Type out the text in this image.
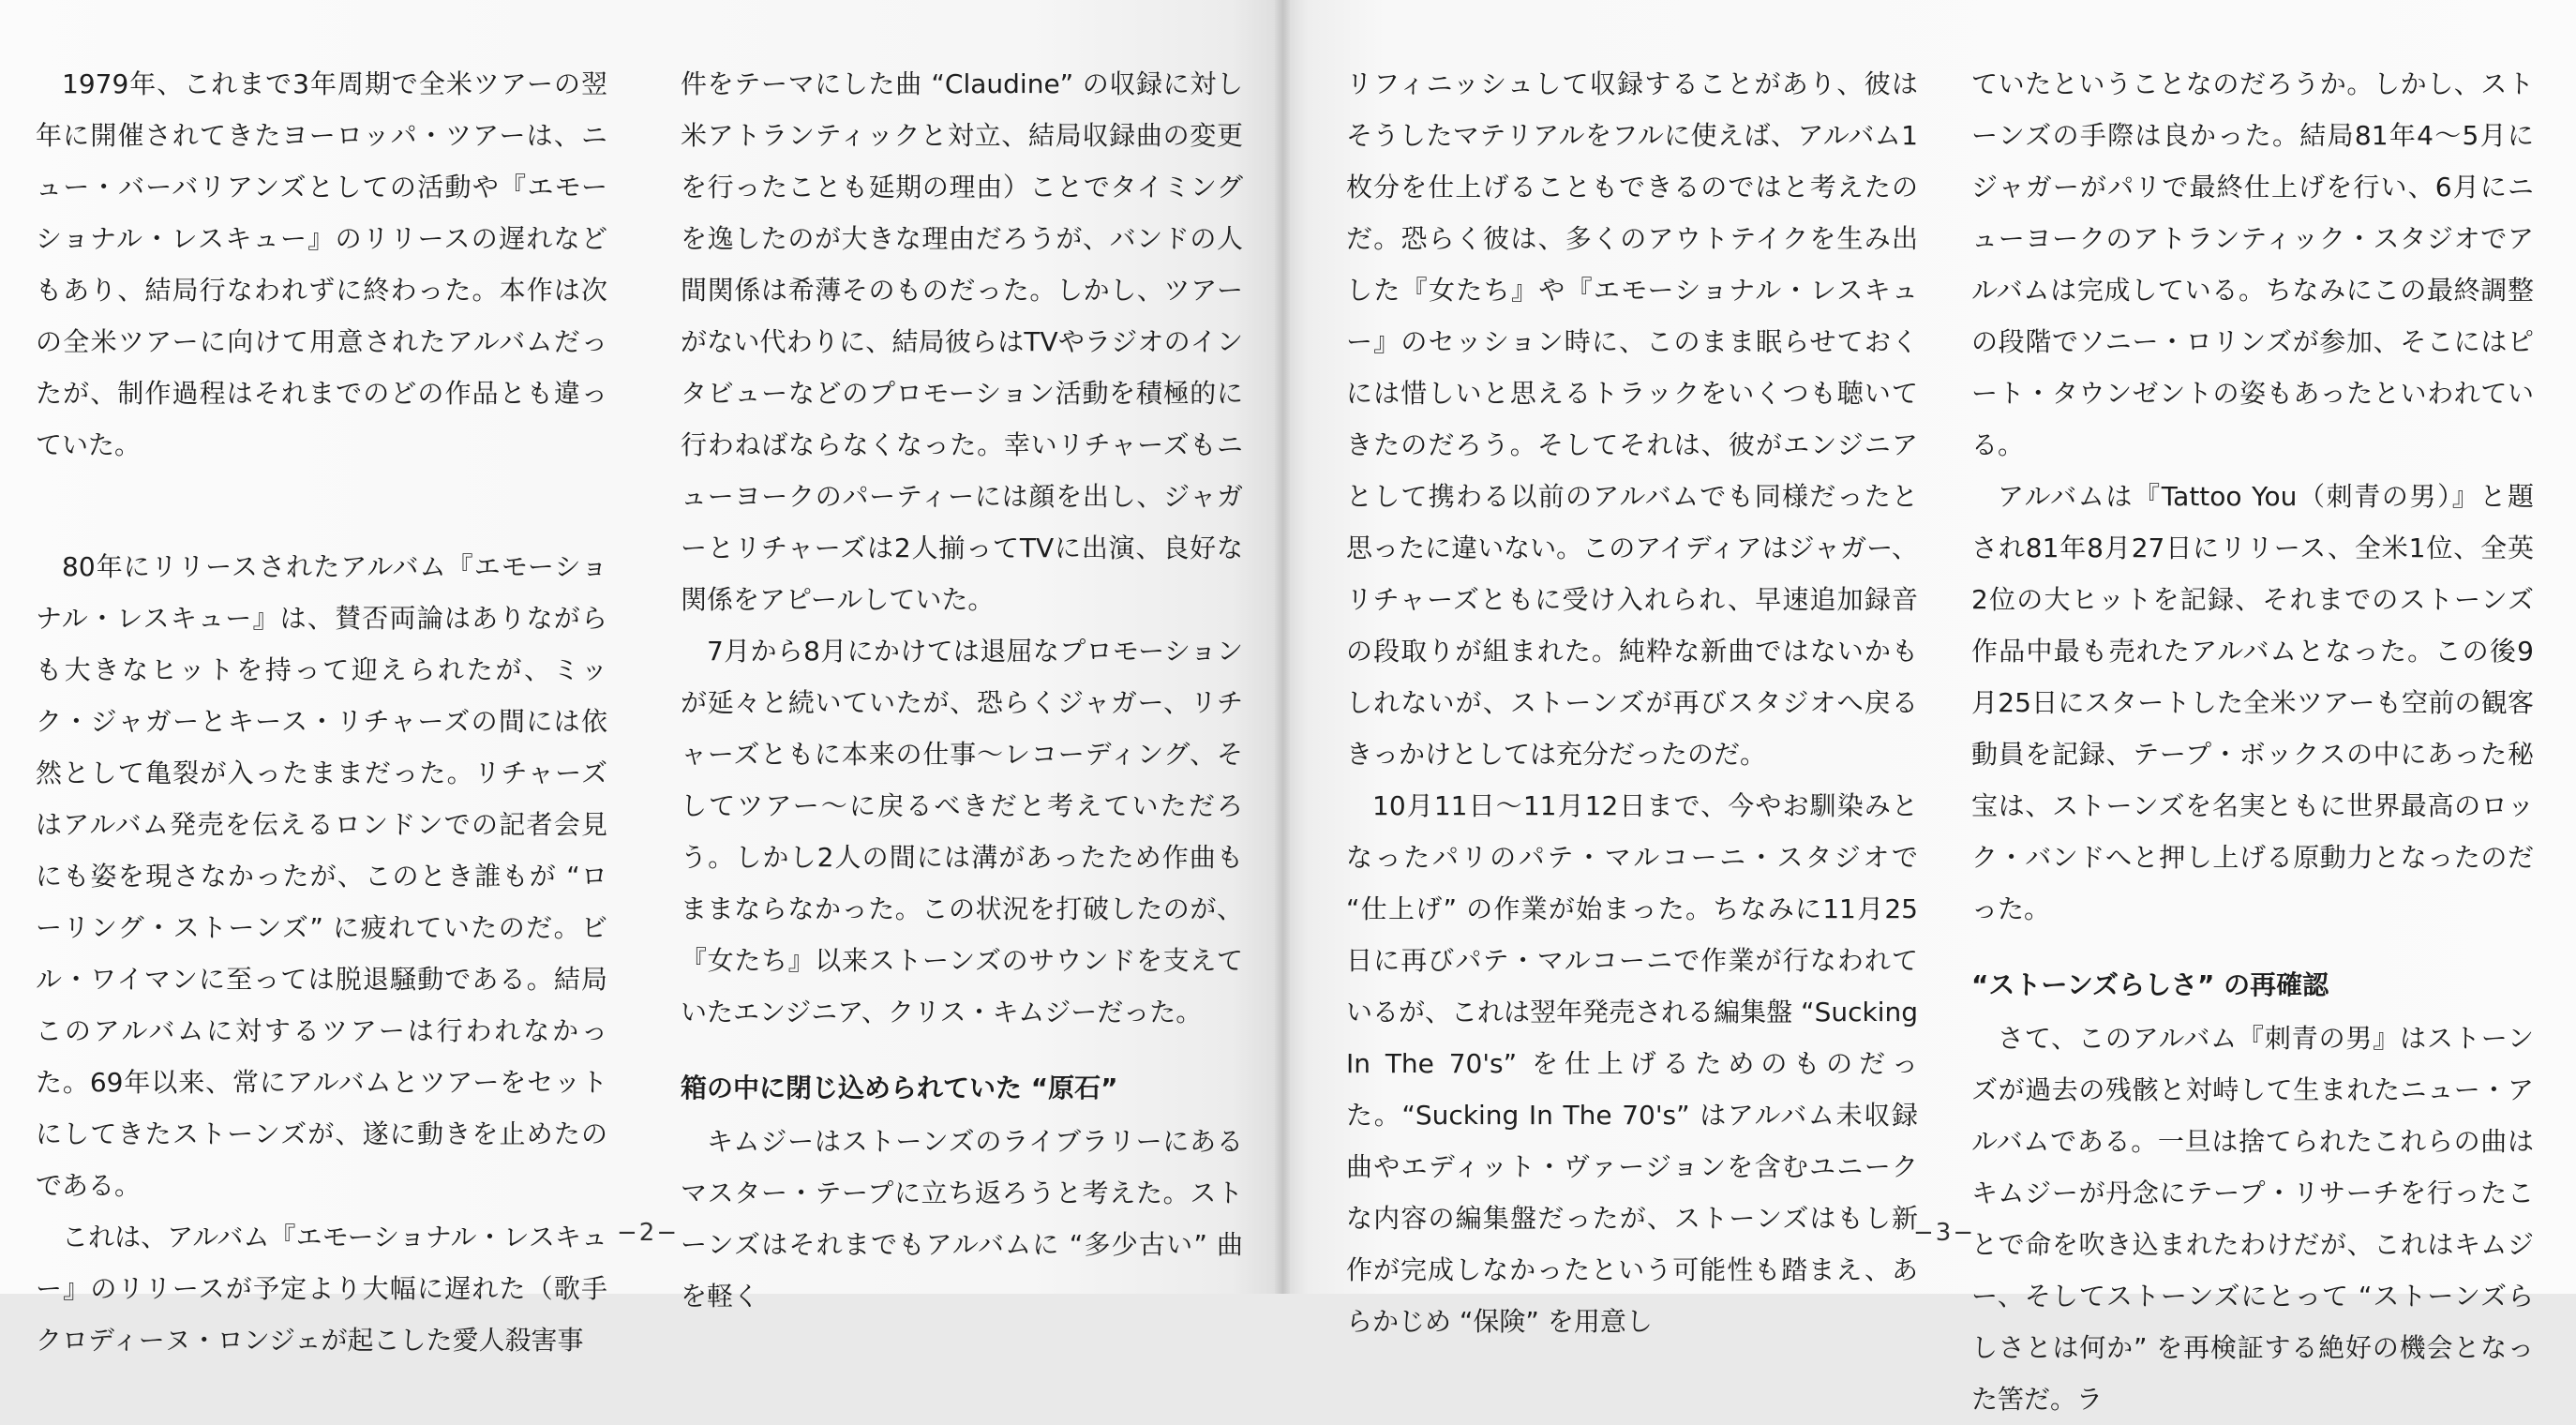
1979年、これまで3年周期で全米ツアーの翌年に開催されてきたヨーロッパ・ツアーは、ニュー・バーバリアンズとしての活動や『エモーショナル・レスキュー』のリリースの遅れなどもあり、結局行なわれずに終わった。本作は次の全米ツアーに向けて用意されたアルバムだったが、制作過程はそれまでのどの作品とも違っていた。

80年にリリースされたアルバム『エモーショナル・レスキュー』は、賛否両論はありながらも大きなヒットを持って迎えられたが、ミック・ジャガーとキース・リチャーズの間には依然として亀裂が入ったままだった。リチャーズはアルバム発売を伝えるロンドンでの記者会見にも姿を現さなかったが、このとき誰もが “ローリング・ストーンズ” に疲れていたのだ。ビル・ワイマンに至っては脱退騒動である。結局このアルバムに対するツアーは行われなかった。69年以来、常にアルバムとツアーをセットにしてきたストーンズが、遂に動きを止めたのである。

これは、アルバム『エモーショナル・レスキュー』のリリースが予定より大幅に遅れた（歌手クロディーヌ・ロンジェが起こした愛人殺害事

件をテーマにした曲 “Claudine” の収録に対し米アトランティックと対立、結局収録曲の変更を行ったことも延期の理由）ことでタイミングを逸したのが大きな理由だろうが、バンドの人間関係は希薄そのものだった。しかし、ツアーがない代わりに、結局彼らはTVやラジオのインタビューなどのプロモーション活動を積極的に行わねばならなくなった。幸いリチャーズもニューヨークのパーティーには顔を出し、ジャガーとリチャーズは2人揃ってTVに出演、良好な関係をアピールしていた。

7月から8月にかけては退屈なプロモーションが延々と続いていたが、恐らくジャガー、リチャーズともに本来の仕事〜レコーディング、そしてツアー〜に戻るべきだと考えていただろう。しかし2人の間には溝があったため作曲もままならなかった。この状況を打破したのが、『女たち』以来ストーンズのサウンドを支えていたエンジニア、クリス・キムジーだった。

箱の中に閉じ込められていた “原石”

キムジーはストーンズのライブラリーにあるマスター・テープに立ち返ろうと考えた。ストーンズはそれまでもアルバムに “多少古い” 曲を軽く

−2−

リフィニッシュして収録することがあり、彼はそうしたマテリアルをフルに使えば、アルバム1枚分を仕上げることもできるのではと考えたのだ。恐らく彼は、多くのアウトテイクを生み出した『女たち』や『エモーショナル・レスキュー』のセッション時に、このまま眠らせておくには惜しいと思えるトラックをいくつも聴いてきたのだろう。そしてそれは、彼がエンジニアとして携わる以前のアルバムでも同様だったと思ったに違いない。このアイディアはジャガー、リチャーズともに受け入れられ、早速追加録音の段取りが組まれた。純粋な新曲ではないかもしれないが、ストーンズが再びスタジオへ戻るきっかけとしては充分だったのだ。

10月11日〜11月12日まで、今やお馴染みとなったパリのパテ・マルコーニ・スタジオで “仕上げ” の作業が始まった。ちなみに11月25日に再びパテ・マルコーニで作業が行なわれているが、これは翌年発売される編集盤 “Sucking In The 70's” を仕上げるためのものだった。“Sucking In The 70's” はアルバム未収録曲やエディット・ヴァージョンを含むユニークな内容の編集盤だったが、ストーンズはもし新作が完成しなかったという可能性も踏まえ、あらかじめ “保険” を用意し

ていたということなのだろうか。しかし、ストーンズの手際は良かった。結局81年4〜5月にジャガーがパリで最終仕上げを行い、6月にニューヨークのアトランティック・スタジオでアルバムは完成している。ちなみにこの最終調整の段階でソニー・ロリンズが参加、そこにはピート・タウンゼントの姿もあったといわれている。

アルバムは『Tattoo You（刺青の男）』と題され81年8月27日にリリース、全米1位、全英2位の大ヒットを記録、それまでのストーンズ作品中最も売れたアルバムとなった。この後9月25日にスタートした全米ツアーも空前の観客動員を記録、テープ・ボックスの中にあった秘宝は、ストーンズを名実ともに世界最高のロック・バンドへと押し上げる原動力となったのだった。

“ストーンズらしさ” の再確認

さて、このアルバム『刺青の男』はストーンズが過去の残骸と対峙して生まれたニュー・アルバムである。一旦は捨てられたこれらの曲はキムジーが丹念にテープ・リサーチを行ったことで命を吹き込まれたわけだが、これはキムジー、そしてストーンズにとって “ストーンズらしさとは何か” を再検証する絶好の機会となった筈だ。ラ

−3−
